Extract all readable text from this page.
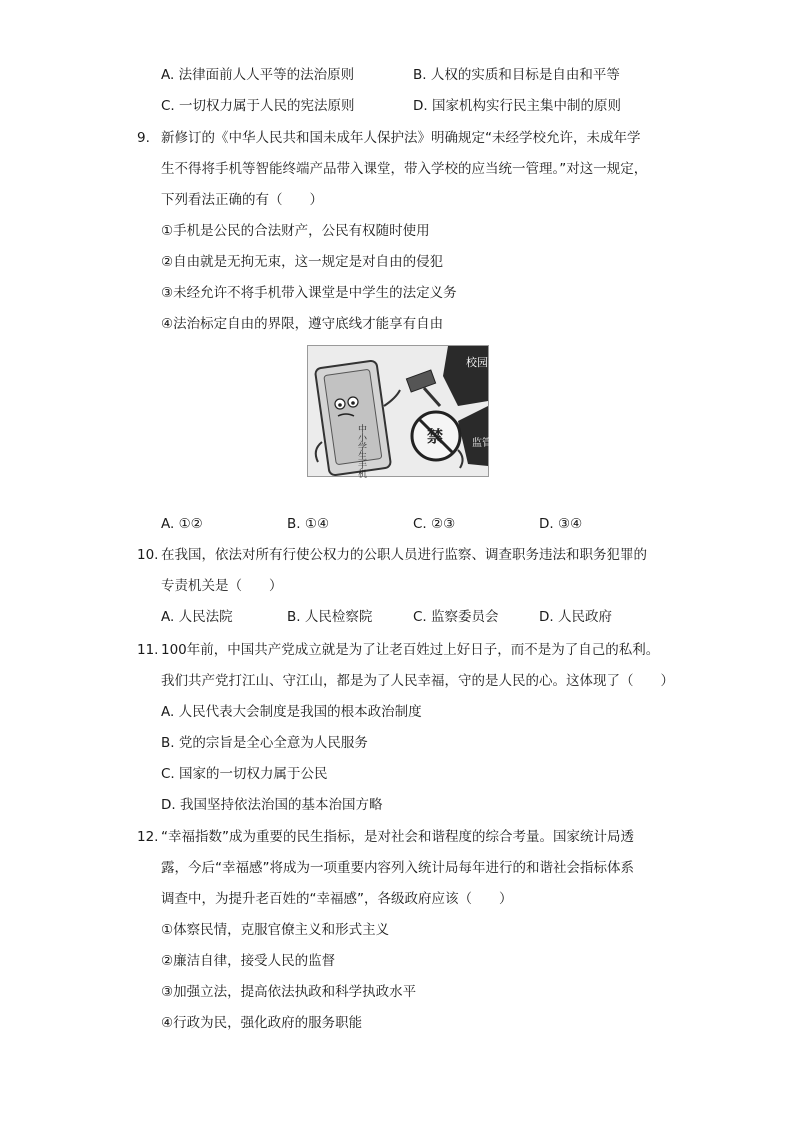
A. 法律面前人人平等的法治原则	B. 人权的实质和目标是自由和平等
C. 一切权力属于人民的宪法原则	D. 国家机构实行民主集中制的原则
9. 新修订的《中华人民共和国未成年人保护法》明确规定“未经学校允许，未成年学
生不得将手机等智能终端产品带入课堂，带入学校的应当统一管理。”对这一规定，
下列看法正确的有（　　）
①手机是公民的合法财产，公民有权随时使用
②自由就是无拘无束，这一规定是对自由的侵犯
③未经允许不将手机带入课堂是中学生的法定义务
④法治标定自由的界限，遵守底线才能享有自由
中小学生手机
校园
监管
禁
A. ①②	B. ①④	C. ②③	D. ③④
10. 在我国，依法对所有行使公权力的公职人员进行监察、调查职务违法和职务犯罪的
专责机关是（　　）
A. 人民法院	B. 人民检察院	C. 监察委员会	D. 人民政府
11. 100年前，中国共产党成立就是为了让老百姓过上好日子，而不是为了自己的私利。
我们共产党打江山、守江山，都是为了人民幸福，守的是人民的心。这体现了（　　）
A. 人民代表大会制度是我国的根本政治制度
B. 党的宗旨是全心全意为人民服务
C. 国家的一切权力属于公民
D. 我国坚持依法治国的基本治国方略
12. “幸福指数”成为重要的民生指标，是对社会和谐程度的综合考量。国家统计局透
露，今后“幸福感”将成为一项重要内容列入统计局每年进行的和谐社会指标体系
调查中，为提升老百姓的“幸福感”，各级政府应该（　　）
①体察民情，克服官僚主义和形式主义
②廉洁自律，接受人民的监督
③加强立法，提高依法执政和科学执政水平
④行政为民，强化政府的服务职能
